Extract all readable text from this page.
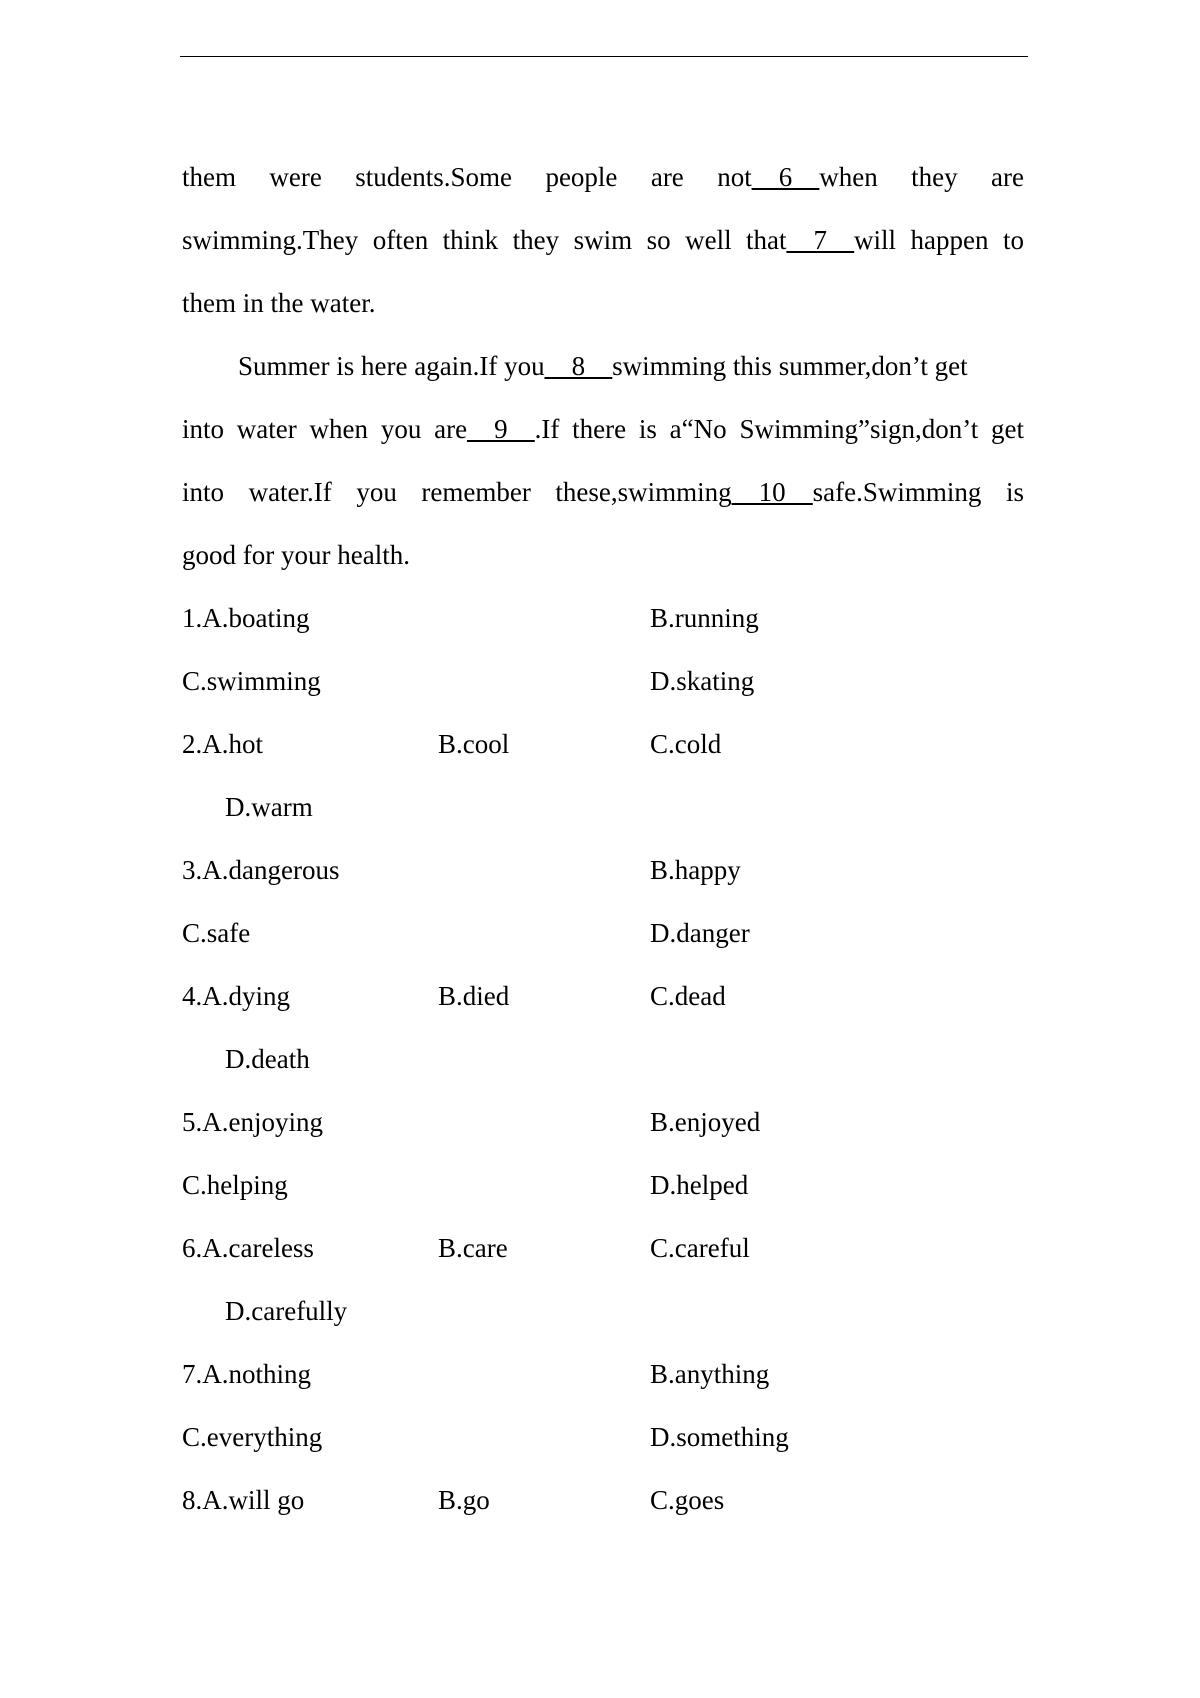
them were students.Some people are not__6__when they are
swimming.They often think they swim so well that__7__will happen to
them in the water.
Summer is here again.If you__8__swimming this summer,don’t get
into water when you are__9__.If there is a“No Swimming”sign,don’t get
into water.If you remember these,swimming__10__safe.Swimming is
good for your health.
1.A.boating	B.running
C.swimming	D.skating
2.A.hot	B.cool	C.cold
D.warm
3.A.dangerous	B.happy
C.safe	D.danger
4.A.dying	B.died	C.dead
D.death
5.A.enjoying	B.enjoyed
C.helping	D.helped
6.A.careless	B.care	C.careful
D.carefully
7.A.nothing	B.anything
C.everything	D.something
8.A.will go	B.go	C.goes
